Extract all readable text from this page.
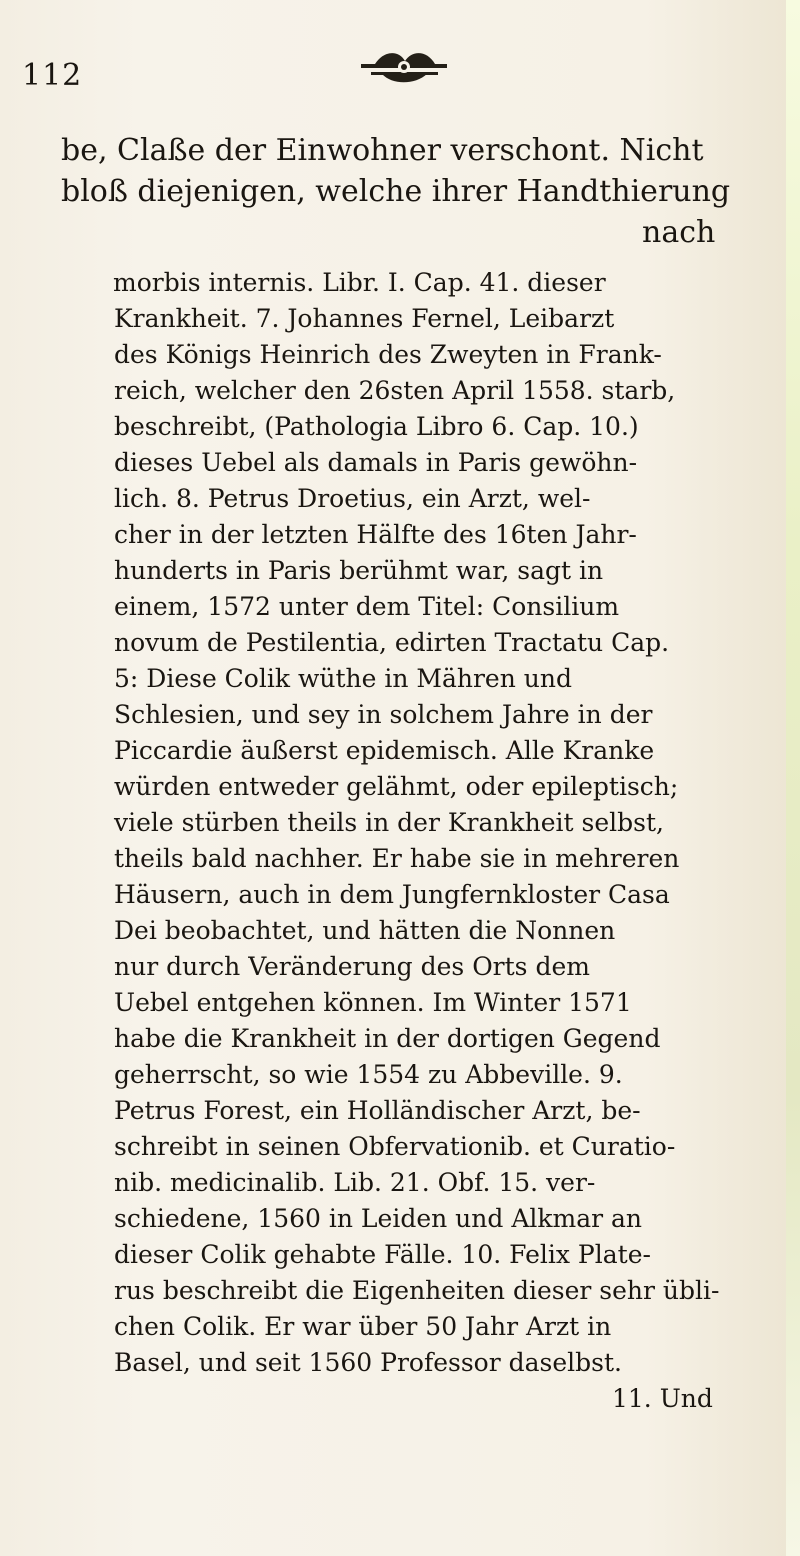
112
be, Claße der Einwohner verschont. Nicht
bloß diejenigen, welche ihrer Handthierung
nach
morbis internis. Libr. I. Cap. 41. dieser
Krankheit. 7. Johannes Fernel, Leibarzt
des Königs Heinrich des Zweyten in Frank-
reich, welcher den 26sten April 1558. starb,
beschreibt, (Pathologia Libro 6. Cap. 10.)
dieses Uebel als damals in Paris gewöhn-
lich. 8. Petrus Droetius, ein Arzt, wel-
cher in der letzten Hälfte des 16ten Jahr-
hunderts in Paris berühmt war, sagt in
einem, 1572 unter dem Titel: Consilium
novum de Pestilentia, edirten Tractatu Cap.
5: Diese Colik wüthe in Mähren und
Schlesien, und sey in solchem Jahre in der
Piccardie äußerst epidemisch. Alle Kranke
würden entweder gelähmt, oder epileptisch;
viele stürben theils in der Krankheit selbst,
theils bald nachher. Er habe sie in mehreren
Häusern, auch in dem Jungfernkloster Casa
Dei beobachtet, und hätten die Nonnen
nur durch Veränderung des Orts dem
Uebel entgehen können. Im Winter 1571
habe die Krankheit in der dortigen Gegend
geherrscht, so wie 1554 zu Abbeville. 9.
Petrus Forest, ein Holländischer Arzt, be-
schreibt in seinen Obfervationib. et Curatio-
nib. medicinalib. Lib. 21. Obf. 15. ver-
schiedene, 1560 in Leiden und Alkmar an
dieser Colik gehabte Fälle. 10. Felix Plate-
rus beschreibt die Eigenheiten dieser sehr übli-
chen Colik. Er war über 50 Jahr Arzt in
Basel, und seit 1560 Professor daselbst.
11. Und
